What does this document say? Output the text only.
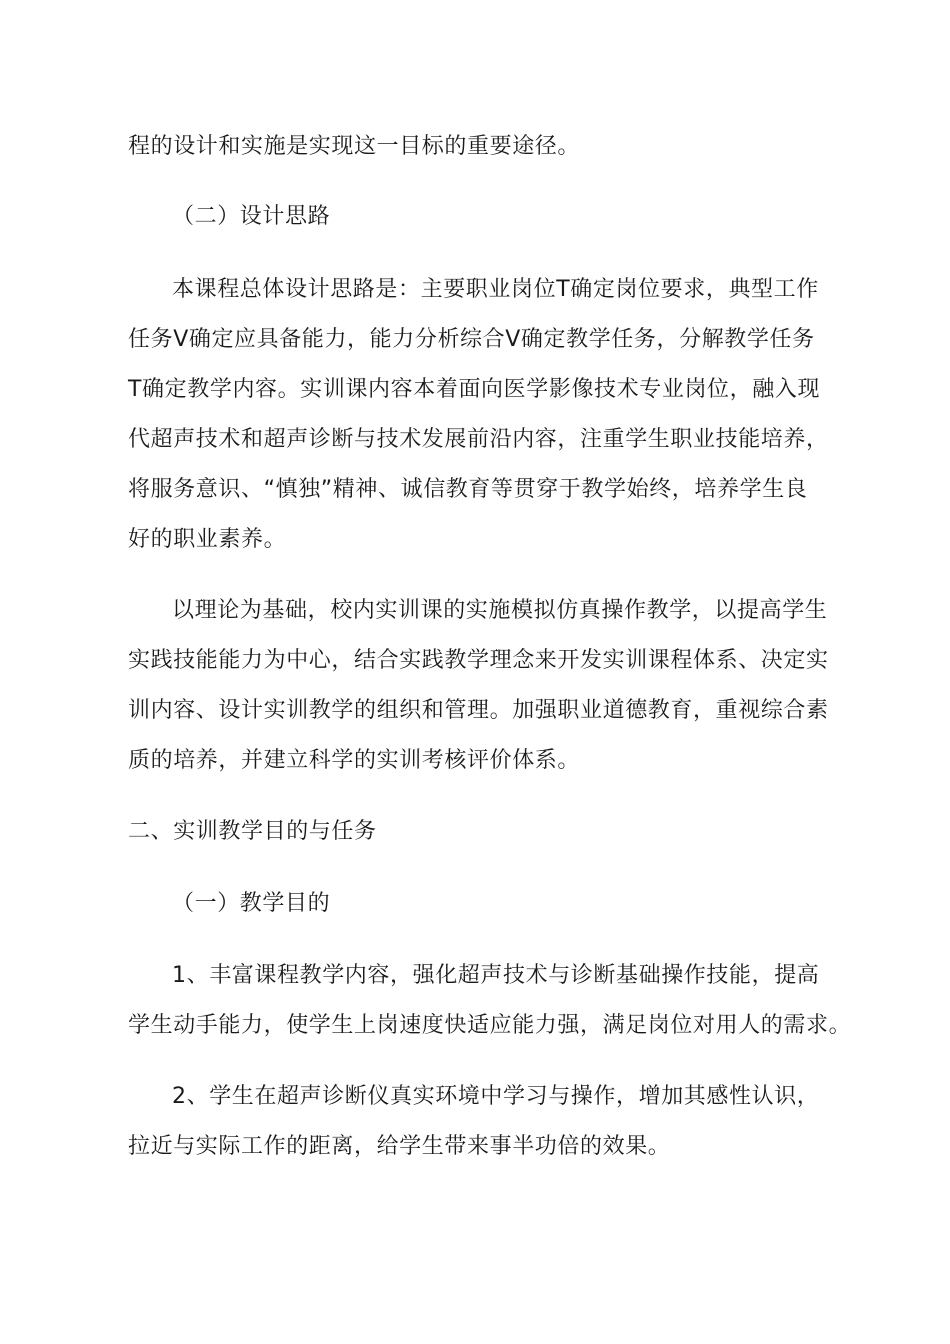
程的设计和实施是实现这一目标的重要途径。
（二）设计思路
本课程总体设计思路是：主要职业岗位T确定岗位要求，典型工作
任务V确定应具备能力，能力分析综合V确定教学任务，分解教学任务
T确定教学内容。实训课内容本着面向医学影像技术专业岗位，融入现
代超声技术和超声诊断与技术发展前沿内容，注重学生职业技能培养，
将服务意识、“慎独”精神、诚信教育等贯穿于教学始终，培养学生良
好的职业素养。
以理论为基础，校内实训课的实施模拟仿真操作教学，以提高学生
实践技能能力为中心，结合实践教学理念来开发实训课程体系、决定实
训内容、设计实训教学的组织和管理。加强职业道德教育，重视综合素
质的培养，并建立科学的实训考核评价体系。
二、实训教学目的与任务
（一）教学目的
1、丰富课程教学内容，强化超声技术与诊断基础操作技能，提高
学生动手能力，使学生上岗速度快适应能力强，满足岗位对用人的需求。
2、学生在超声诊断仪真实环境中学习与操作，增加其感性认识，
拉近与实际工作的距离，给学生带来事半功倍的效果。
